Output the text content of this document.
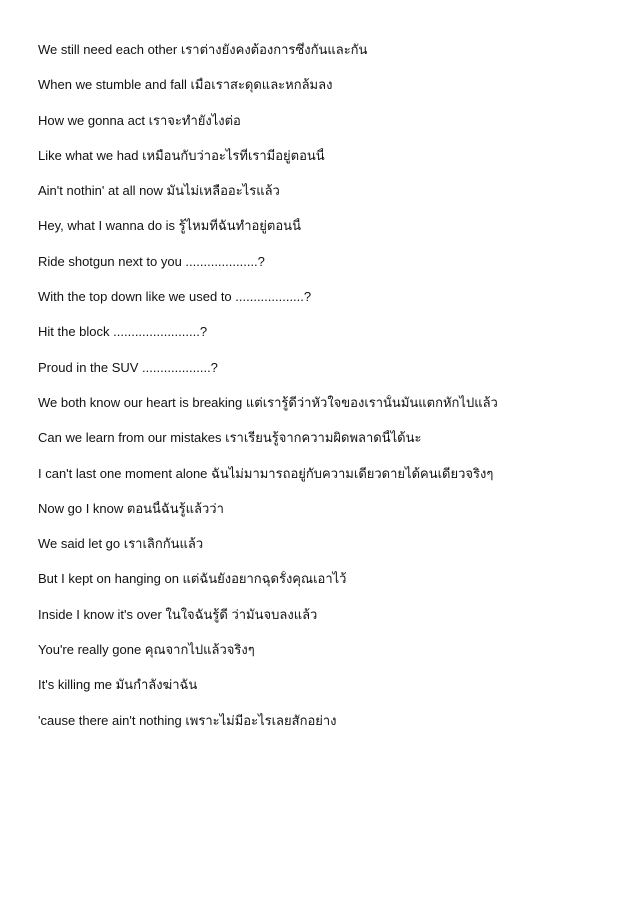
We still need each other เราต่างยังคงต้องการซึ่งกันและกัน
When we stumble and fall เมื่อเราสะดุดและหกล้มลง
How we gonna act เราจะทำยังไงต่อ
Like what we had เหมือนกับว่าอะไรที่เรามีอยู่ตอนนี้
Ain't nothin' at all now มันไม่เหลืออะไรแล้ว
Hey, what I wanna do is รู้ไหมที่ฉันทำอยู่ตอนนี้
Ride shotgun next to you ....................?
With the top down like we used to ...................?
Hit the block ........................?
Proud in the SUV ...................?
We both know our heart is breaking แต่เรารู้ดีว่าหัวใจของเรานั้นมันแตกหักไปแล้ว
Can we learn from our mistakes เราเรียนรู้จากความผิดพลาดนี้ได้นะ
I can't last one moment alone ฉันไม่มามารถอยู่กับความเดียวดายได้คนเดียวจริงๆ
Now go I know ตอนนี้ฉันรู้แล้วว่า
We said let go เราเลิกกันแล้ว
But I kept on hanging on แต่ฉันยังอยากฉุดรั้งคุณเอาไว้
Inside I know it's over ในใจฉันรู้ดี ว่ามันจบลงแล้ว
You're really gone คุณจากไปแล้วจริงๆ
It's killing me มันกำลังฆ่าฉัน
'cause there ain't nothing เพราะไม่มีอะไรเลยสักอย่าง
